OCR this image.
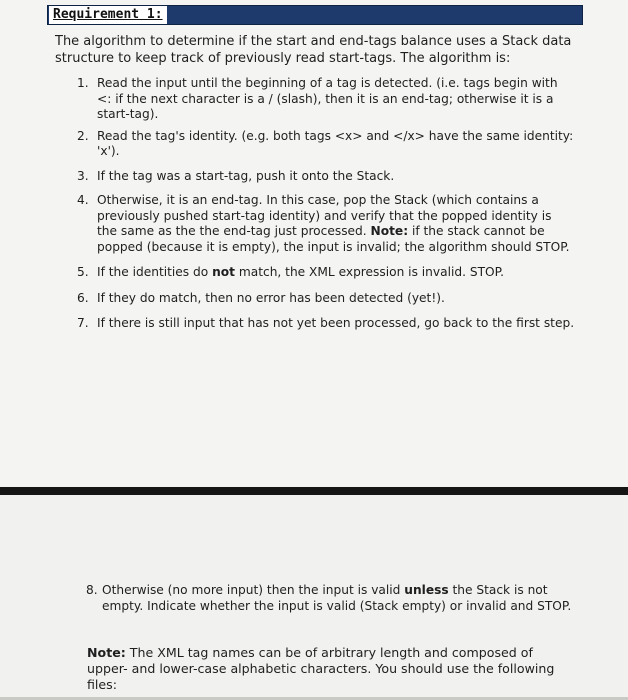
Requirement 1:
The algorithm to determine if the start and end-tags balance uses a Stack data structure to keep track of previously read start-tags. The algorithm is:
1. Read the input until the beginning of a tag is detected. (i.e. tags begin with <: if the next character is a / (slash), then it is an end-tag; otherwise it is a start-tag).
2. Read the tag's identity. (e.g. both tags <x> and </x> have the same identity: 'x').
3. If the tag was a start-tag, push it onto the Stack.
4. Otherwise, it is an end-tag. In this case, pop the Stack (which contains a previously pushed start-tag identity) and verify that the popped identity is the same as the the end-tag just processed. Note: if the stack cannot be popped (because it is empty), the input is invalid; the algorithm should STOP.
5. If the identities do not match, the XML expression is invalid. STOP.
6. If they do match, then no error has been detected (yet!).
7. If there is still input that has not yet been processed, go back to the first step.
8. Otherwise (no more input) then the input is valid unless the Stack is not empty. Indicate whether the input is valid (Stack empty) or invalid and STOP.
Note: The XML tag names can be of arbitrary length and composed of upper- and lower-case alphabetic characters. You should use the following files:
